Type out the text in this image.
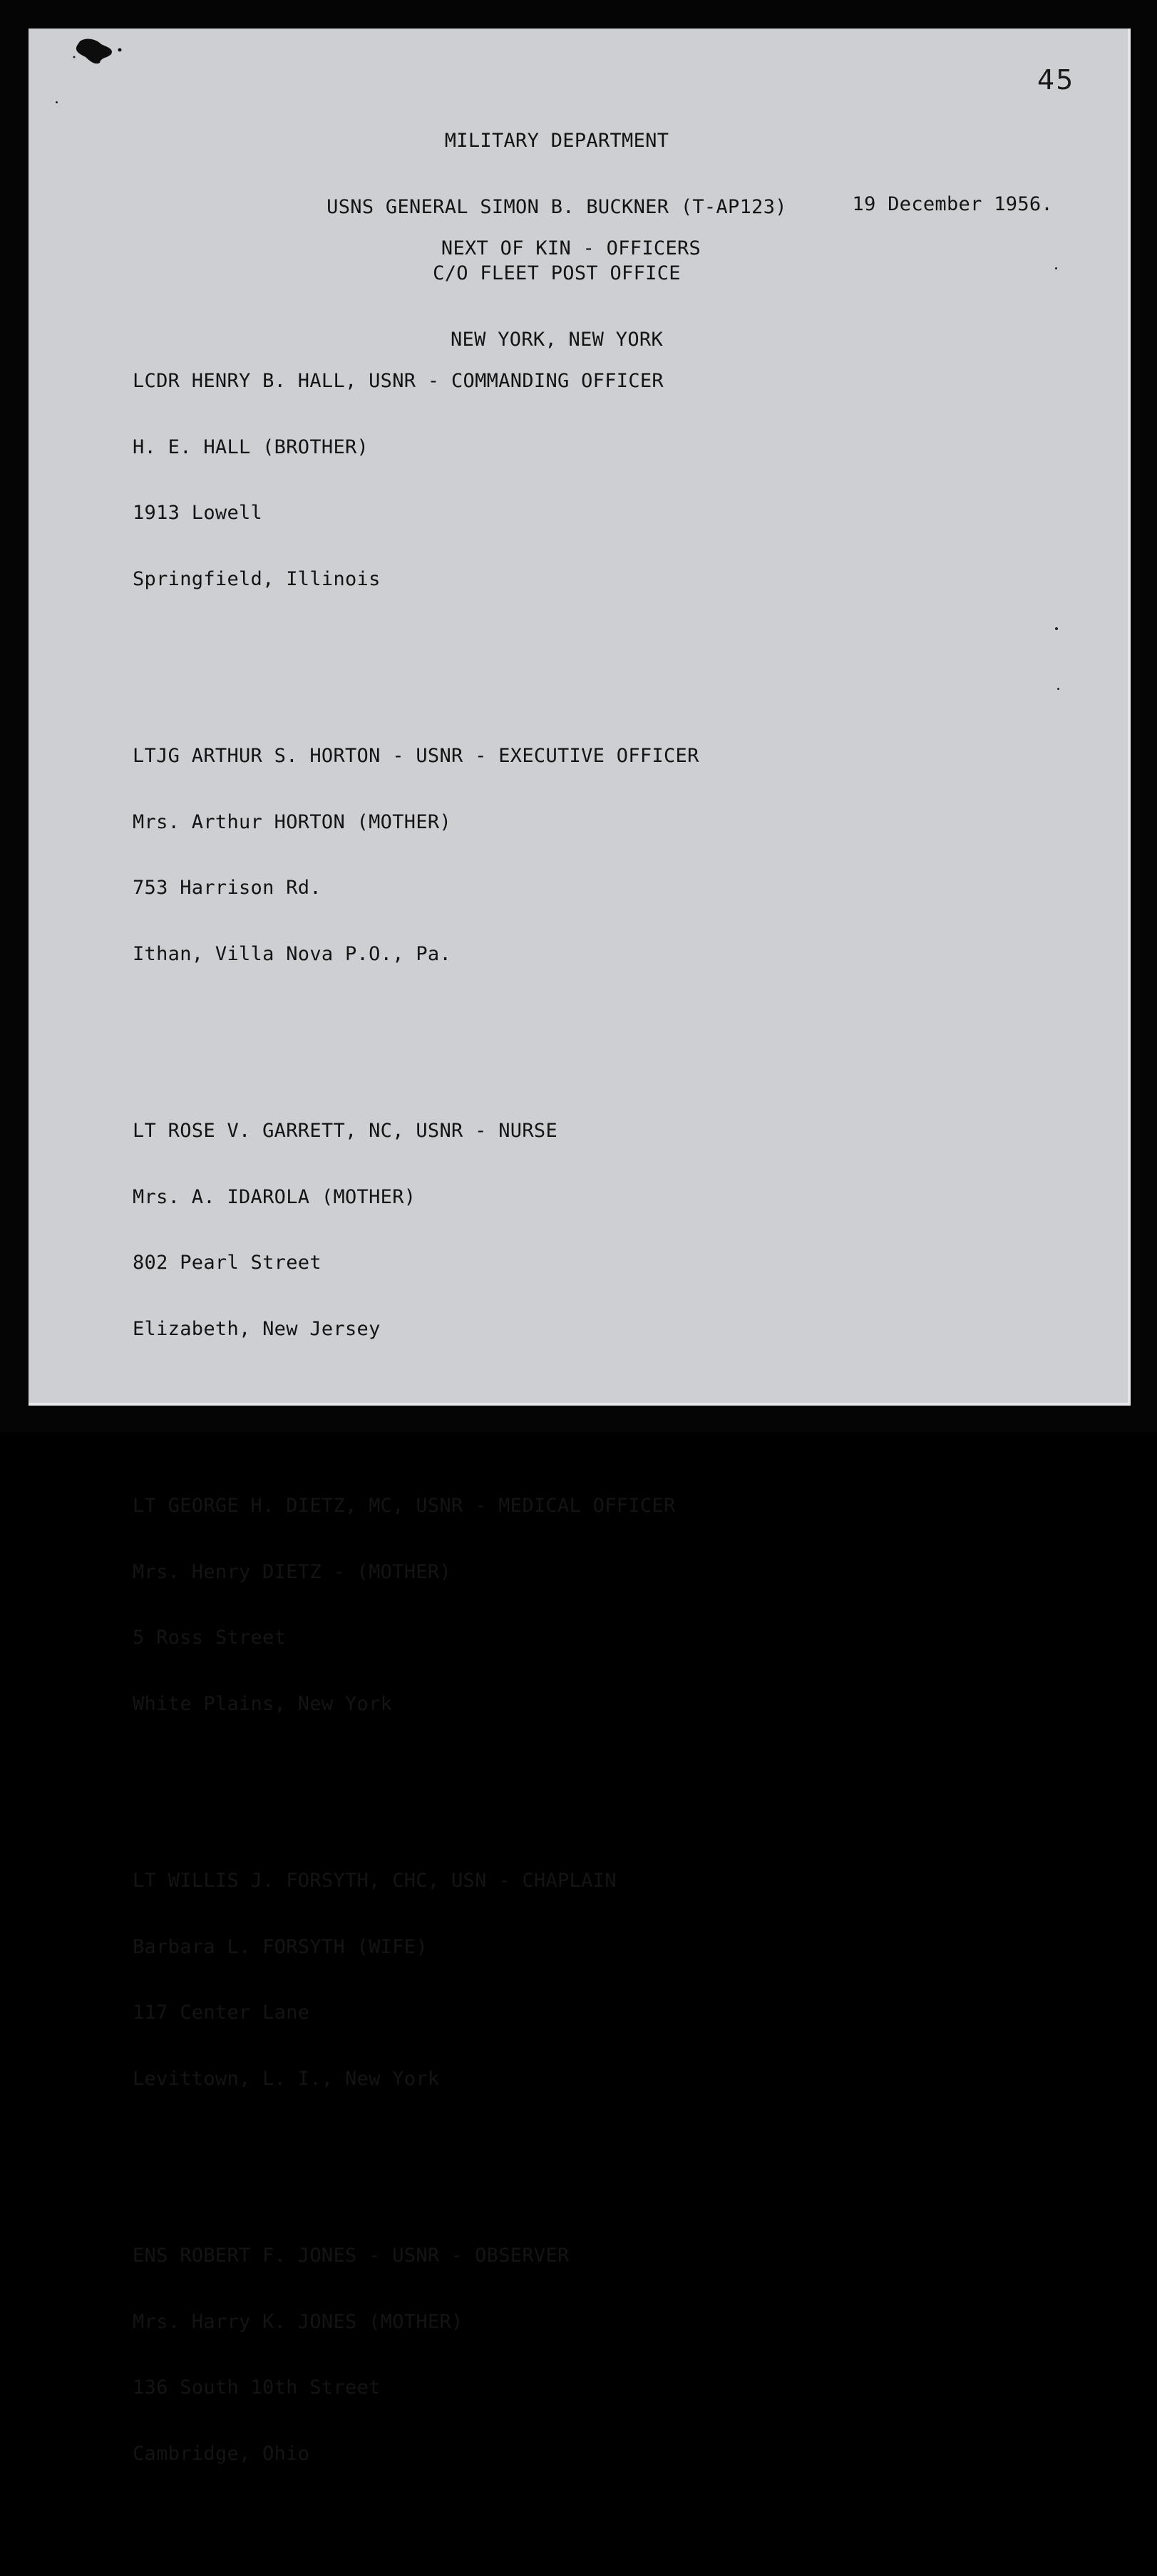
45

MILITARY DEPARTMENT

USNS GENERAL SIMON B. BUCKNER (T-AP123)

C/O FLEET POST OFFICE

NEW YORK, NEW YORK

19 December 1956.
NEXT OF KIN - OFFICERS

LCDR HENRY B. HALL, USNR - COMMANDING OFFICER

H. E. HALL (BROTHER)

1913 Lowell

Springfield, Illinois

LTJG ARTHUR S. HORTON - USNR - EXECUTIVE OFFICER

Mrs. Arthur HORTON (MOTHER)

753 Harrison Rd.

Ithan, Villa Nova P.O., Pa.

LT ROSE V. GARRETT, NC, USNR - NURSE

Mrs. A. IDAROLA (MOTHER)

802 Pearl Street

Elizabeth, New Jersey

LT GEORGE H. DIETZ, MC, USNR - MEDICAL OFFICER

Mrs. Henry DIETZ - (MOTHER)

5 Ross Street

White Plains, New York

LT WILLIS J. FORSYTH, CHC, USN - CHAPLAIN

Barbara L. FORSYTH (WIFE)

117 Center Lane

Levittown, L. I., New York

ENS ROBERT F. JONES - USNR - OBSERVER

Mrs. Harry K. JONES (MOTHER)

136 South 10th Street

Cambridge, Ohio
